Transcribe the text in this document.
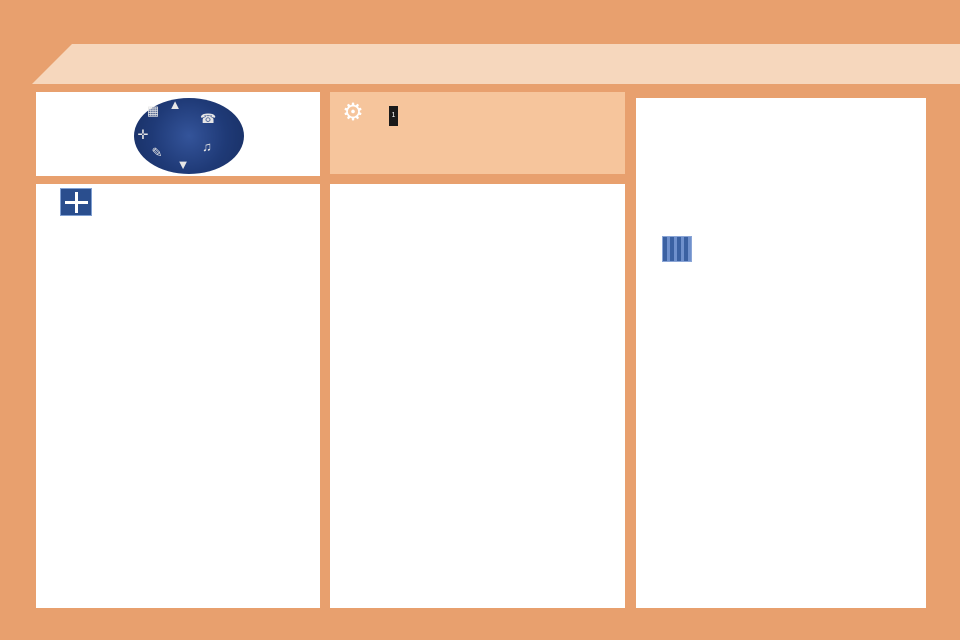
▦ ▲
☎
✛
✎
▼
♫
⚙	1
